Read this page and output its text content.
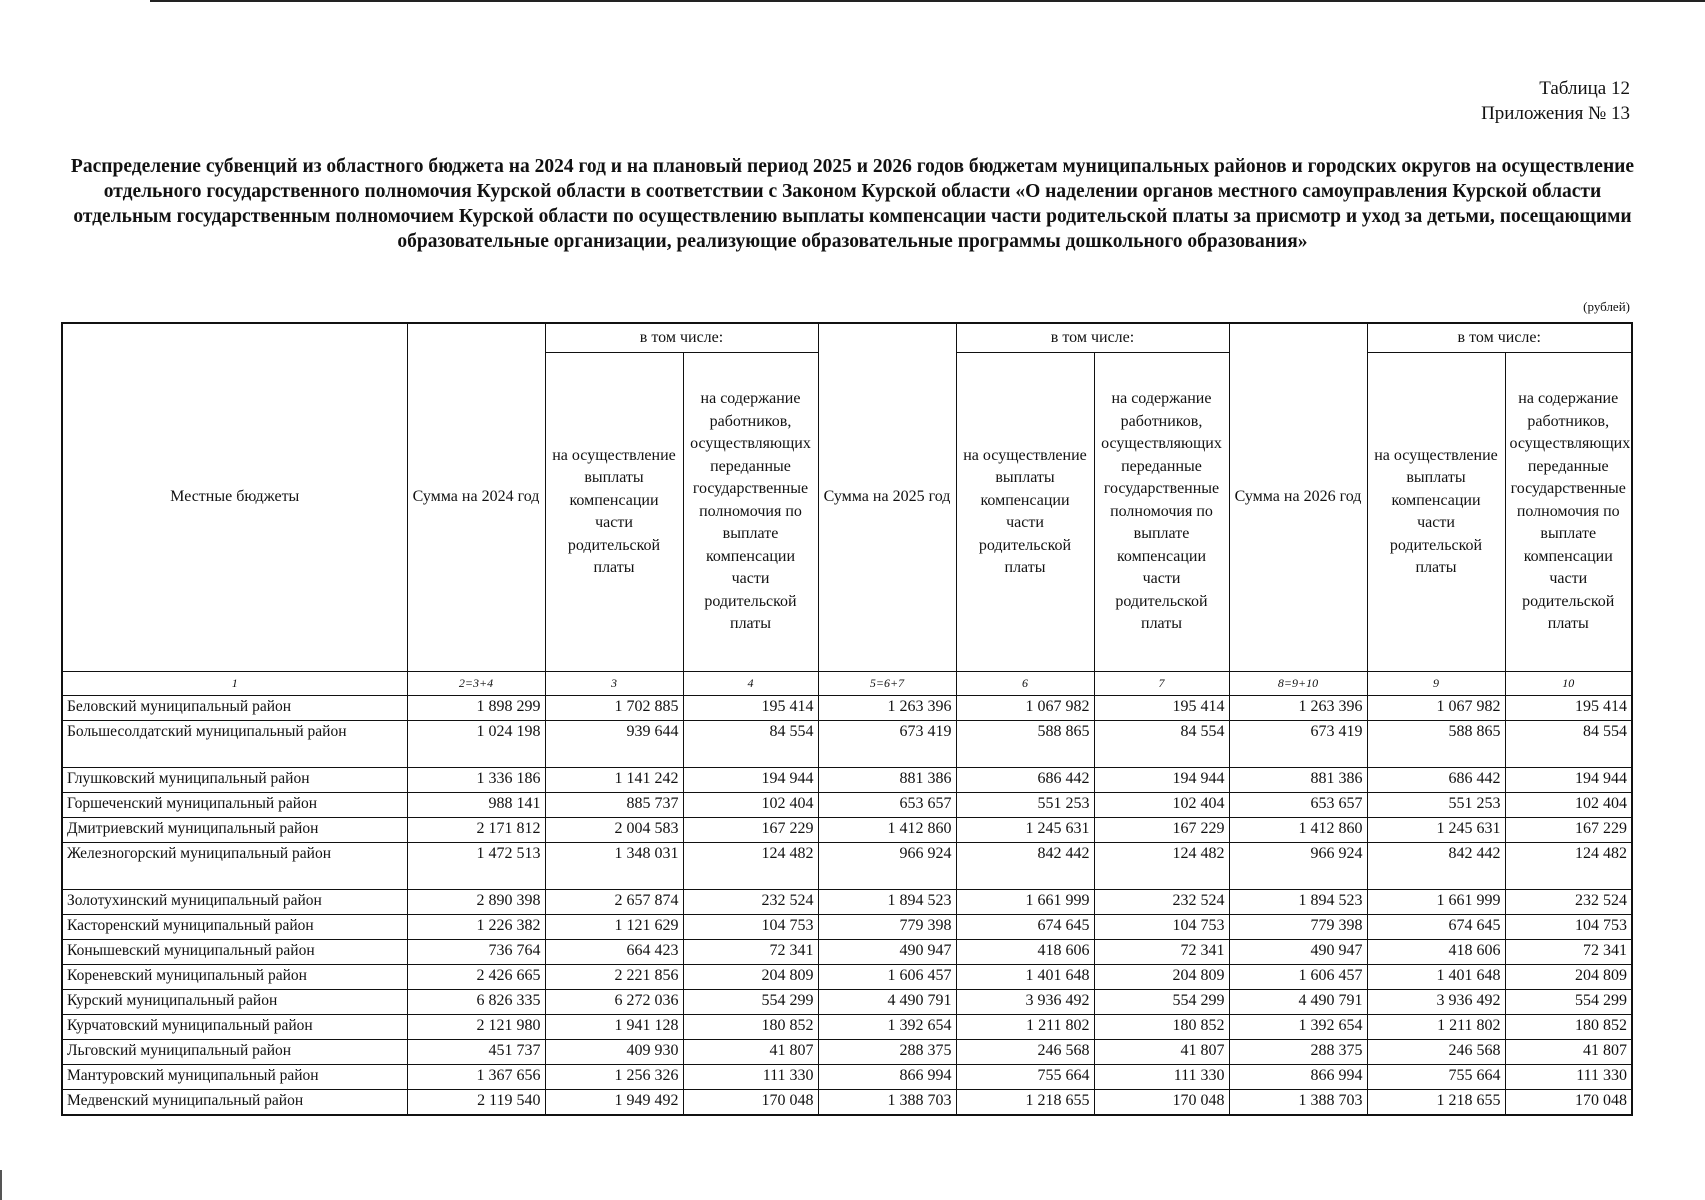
Таблица 12
Приложения № 13
Распределение субвенций из областного бюджета на 2024 год и на плановый период 2025 и 2026 годов бюджетам муниципальных районов и городских округов на осуществление отдельного государственного полномочия Курской области в соответствии с Законом Курской области «О наделении органов местного самоуправления Курской области отдельным государственным полномочием Курской области по осуществлению выплаты компенсации части родительской платы за присмотр и уход за детьми, посещающими образовательные организации, реализующие образовательные программы дошкольного образования»
(рублей)
Местные бюджеты	Сумма на 2024 год	в том числе:		Сумма на 2025 год	в том числе:		Сумма на 2026 год	в том числе:	
		на осуществление выплаты компенсации части родительской платы	на содержание работников, осуществляющих переданные государственные полномочия по выплате компенсации части родительской платы		на осуществление выплаты компенсации части родительской платы	на содержание работников, осуществляющих переданные государственные полномочия по выплате компенсации части родительской платы		на осуществление выплаты компенсации части родительской платы	на содержание работников, осуществляющих переданные государственные полномочия по выплате компенсации части родительской платы
1	2=3+4	3	4	5=6+7	6	7	8=9+10	9	10
Беловский муниципальный район	1 898 299	1 702 885	195 414	1 263 396	1 067 982	195 414	1 263 396	1 067 982	195 414
Большесолдатский муниципальный район	1 024 198	939 644	84 554	673 419	588 865	84 554	673 419	588 865	84 554
Глушковский муниципальный район	1 336 186	1 141 242	194 944	881 386	686 442	194 944	881 386	686 442	194 944
Горшеченский муниципальный район	988 141	885 737	102 404	653 657	551 253	102 404	653 657	551 253	102 404
Дмитриевский муниципальный район	2 171 812	2 004 583	167 229	1 412 860	1 245 631	167 229	1 412 860	1 245 631	167 229
Железногорский муниципальный район	1 472 513	1 348 031	124 482	966 924	842 442	124 482	966 924	842 442	124 482
Золотухинский муниципальный район	2 890 398	2 657 874	232 524	1 894 523	1 661 999	232 524	1 894 523	1 661 999	232 524
Касторенский муниципальный район	1 226 382	1 121 629	104 753	779 398	674 645	104 753	779 398	674 645	104 753
Конышевский муниципальный район	736 764	664 423	72 341	490 947	418 606	72 341	490 947	418 606	72 341
Кореневский муниципальный район	2 426 665	2 221 856	204 809	1 606 457	1 401 648	204 809	1 606 457	1 401 648	204 809
Курский муниципальный район	6 826 335	6 272 036	554 299	4 490 791	3 936 492	554 299	4 490 791	3 936 492	554 299
Курчатовский муниципальный район	2 121 980	1 941 128	180 852	1 392 654	1 211 802	180 852	1 392 654	1 211 802	180 852
Льговский муниципальный район	451 737	409 930	41 807	288 375	246 568	41 807	288 375	246 568	41 807
Мантуровский муниципальный район	1 367 656	1 256 326	111 330	866 994	755 664	111 330	866 994	755 664	111 330
Медвенский муниципальный район	2 119 540	1 949 492	170 048	1 388 703	1 218 655	170 048	1 388 703	1 218 655	170 048
